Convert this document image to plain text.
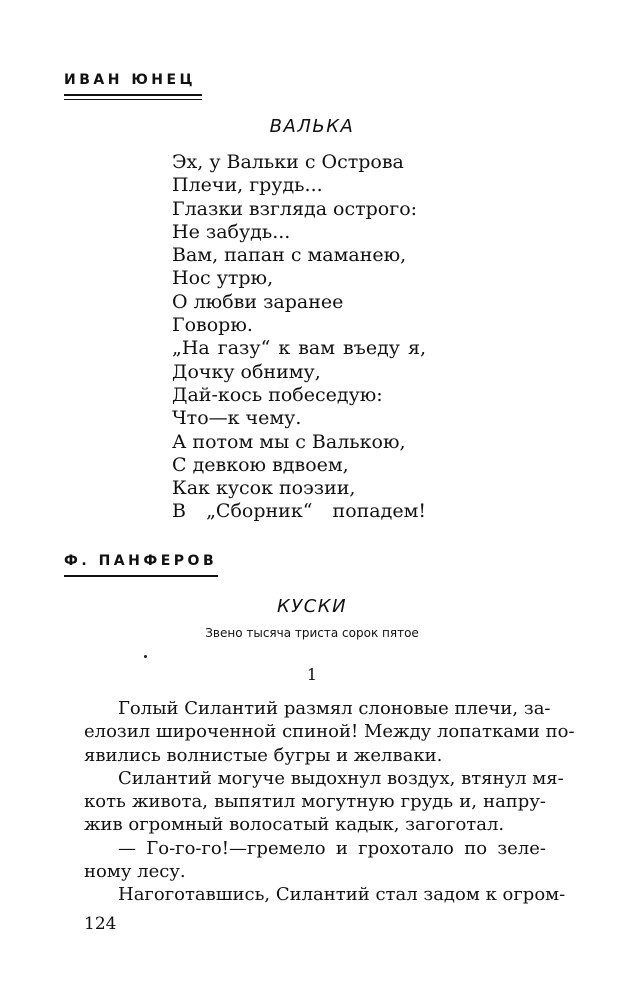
ИВАН ЮНЕЦ
ВАЛЬКА
Эх, у Вальки с Острова
Плечи, грудь...
Глазки взгляда острого:
Не забудь...
Вам, папан с маманею,
Нос утрю,
О любви заранее
Говорю.
„На газу“ к вам въеду я,
Дочку обниму,
Дай-кось побеседую:
Что—к чему.
А потом мы с Валькою,
С девкою вдвоем,
Как кусок поэзии,
В „Сборник“ попадем!
Ф. ПАНФЕРОВ
КУСКИ
Звено тысяча триста сорок пятое
1
Голый Силантий размял слоновые плечи, за-
елозил широченной спиной! Между лопатками по-
явились волнистые бугры и желваки.
Силантий могуче выдохнул воздух, втянул мя-
коть живота, выпятил могутную грудь и, напру-
жив огромный волосатый кадык, загоготал.
— Го-го-го!—гремело и грохотало по зеле-
ному лесу.
Нагоготавшись, Силантий стал задом к огром-
124
